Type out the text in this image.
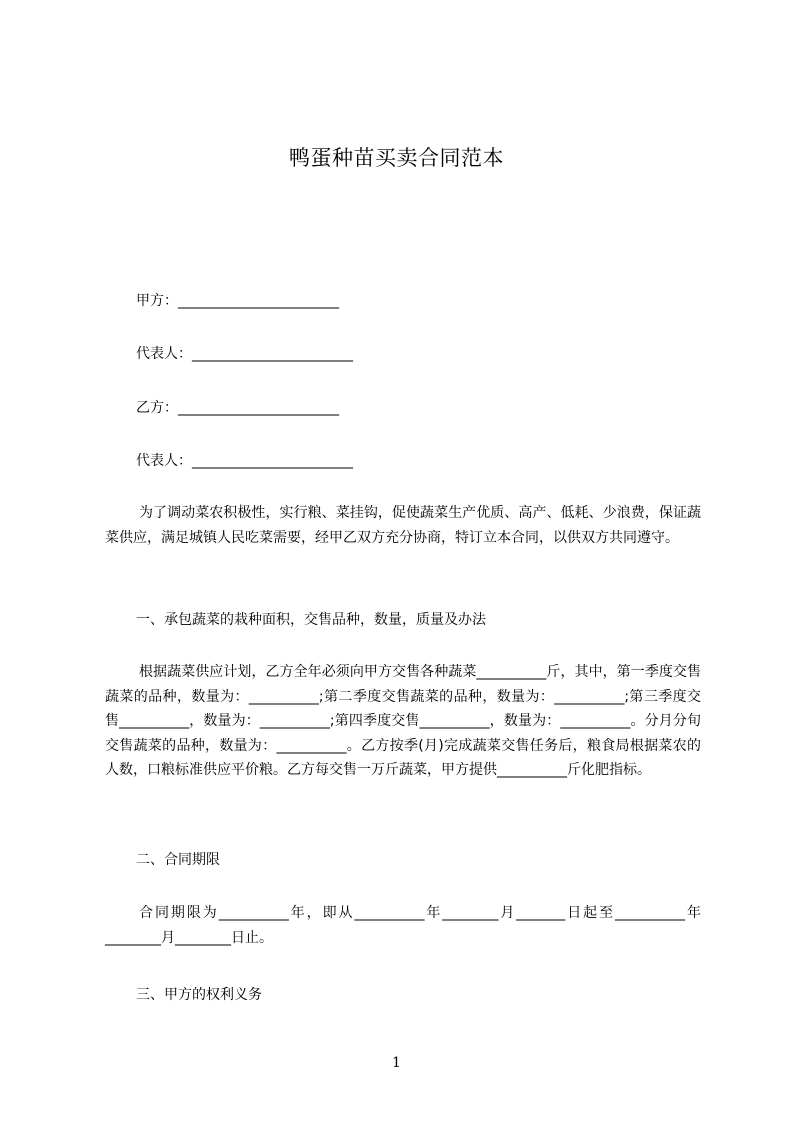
鸭蛋种苗买卖合同范本
甲方：_______________________
代表人：_______________________
乙方：_______________________
代表人：_______________________
为了调动菜农积极性，实行粮、菜挂钩，促使蔬菜生产优质、高产、低耗、少浪费，保证蔬菜供应，满足城镇人民吃菜需要，经甲乙双方充分协商，特订立本合同，以供双方共同遵守。
一、承包蔬菜的栽种面积，交售品种，数量，质量及办法
根据蔬菜供应计划，乙方全年必须向甲方交售各种蔬菜__________斤，其中，第一季度交售蔬菜的品种，数量为：__________;第二季度交售蔬菜的品种，数量为：__________;第三季度交售__________，数量为：__________;第四季度交售__________，数量为：__________。分月分旬交售蔬菜的品种，数量为：__________。乙方按季(月)完成蔬菜交售任务后，粮食局根据菜农的人数，口粮标准供应平价粮。乙方每交售一万斤蔬菜，甲方提供__________斤化肥指标。
二、合同期限
合同期限为__________年，即从__________年________月_______日起至__________年________月________日止。
三、甲方的权利义务
1
